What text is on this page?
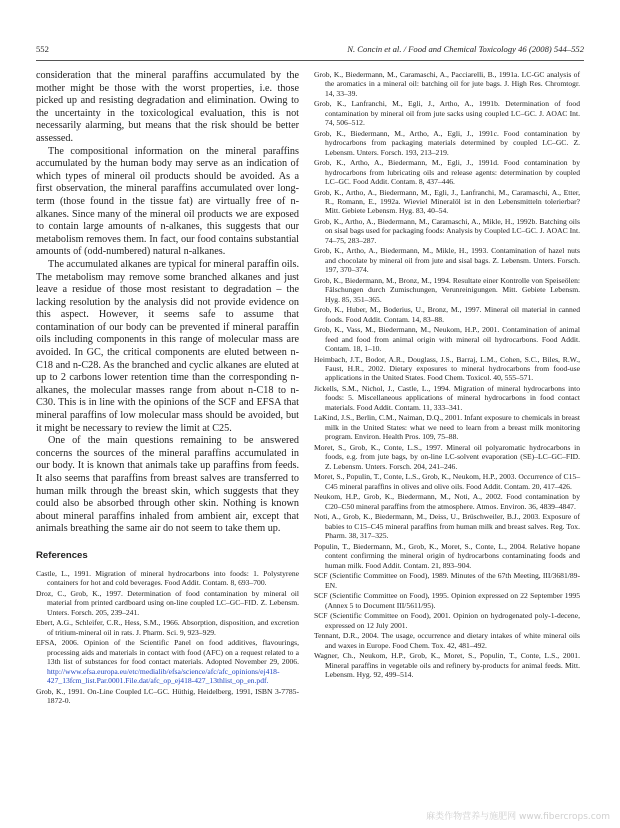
552	N. Concin et al. / Food and Chemical Toxicology 46 (2008) 544–552

consideration that the mineral paraffins accumulated by the mother might be those with the worst properties, i.e. those picked up and resisting degradation and elimination. Owing to the uncertainty in the toxicological evaluation, this is not necessarily alarming, but means that the risk should be better assessed.

The compositional information on the mineral paraffins accumulated by the human body may serve as an indication of which types of mineral oil products should be avoided. As a first observation, the mineral paraffins accumulated over long-term (those found in the tissue fat) are virtually free of n-alkanes. Since many of the mineral oil products we are exposed to contain large amounts of n-alkanes, this suggests that our metabolism removes them. In fact, our food contains substantial amounts of (odd-numbered) natural n-alkanes.

The accumulated alkanes are typical for mineral paraffin oils. The metabolism may remove some branched alkanes and just leave a residue of those most resistant to degradation – the lacking resolution by the analysis did not provide evidence on this aspect. However, it seems safe to assume that contamination of our body can be prevented if mineral paraffin oils including components in this range of molecular mass are avoided. In GC, the critical components are eluted between n-C18 and n-C28. As the branched and cyclic alkanes are eluted at up to 2 carbons lower retention time than the corresponding n-alkanes, the molecular masses range from about n-C18 to n-C30. This is in line with the opinions of the SCF and EFSA that mineral paraffins of low molecular mass should be avoided, but it might be necessary to review the limit at C25.

One of the main questions remaining to be answered concerns the sources of the mineral paraffins accumulated in our body. It is known that animals take up paraffins from feeds. It also seems that paraffins from breast salves are transferred to human milk through the breast skin, which suggests that they could also be absorbed through other skin. Nothing is known about mineral paraffins inhaled from ambient air, except that animals breathing the same air do not seem to take them up.

References

Castle, L., 1991. Migration of mineral hydrocarbons into foods: 1. Polystyrene containers for hot and cold beverages. Food Addit. Contam. 8, 693–700.

Droz, C., Grob, K., 1997. Determination of food contamination by mineral oil material from printed cardboard using on-line coupled LC–GC–FID. Z. Lebensm. Unters. Forsch. 205, 239–241.

Ebert, A.G., Schleifer, C.R., Hess, S.M., 1966. Absorption, disposition, and excretion of tritium-mineral oil in rats. J. Pharm. Sci. 9, 923–929.

EFSA, 2006. Opinion of the Scientific Panel on food additives, flavourings, processing aids and materials in contact with food (AFC) on a request related to a 13th list of substances for food contact materials. Adopted November 29, 2006. http://www.efsa.europa.eu/etc/medialib/efsa/science/afc/afc_opinions/ej418-427_13fcm_list.Par.0001.File.dat/afc_op_ej418-427_13thlist_op_en.pdf.

Grob, K., 1991. On-Line Coupled LC–GC. Hüthig, Heidelberg, 1991, ISBN 3-7785-1872-0.

Grob, K., Biedermann, M., Caramaschi, A., Pacciarelli, B., 1991a. LC-GC analysis of the aromatics in a mineral oil: batching oil for jute bags. J. High Res. Chromtogr. 14, 33–39.

Grob, K., Lanfranchi, M., Egli, J., Artho, A., 1991b. Determination of food contamination by mineral oil from jute sacks using coupled LC–GC. J. AOAC Int. 74, 506–512.

Grob, K., Biedermann, M., Artho, A., Egli, J., 1991c. Food contamination by hydrocarbons from packaging materials determined by coupled LC–GC. Z. Lebensm. Unters. Forsch. 193, 213–219.

Grob, K., Artho, A., Biedermann, M., Egli, J., 1991d. Food contamination by hydrocarbons from lubricating oils and release agents: determination by coupled LC–GC. Food Addit. Contam. 8, 437–446.

Grob, K., Artho, A., Biedermann, M., Egli, J., Lanfranchi, M., Caramaschi, A., Etter, R., Romann, E., 1992a. Wieviel Mineralöl ist in den Lebensmitteln tolerierbar? Mitt. Gebiete Lebensm. Hyg. 83, 40–54.

Grob, K., Artho, A., Biedermann, M., Caramaschi, A., Mikle, H., 1992b. Batching oils on sisal bags used for packaging foods: Analysis by Coupled LC–GC. J. AOAC Int. 74–75, 283–287.

Grob, K., Artho, A., Biedermann, M., Mikle, H., 1993. Contamination of hazel nuts and chocolate by mineral oil from jute and sisal bags. Z. Lebensm. Unters. Forsch. 197, 370–374.

Grob, K., Biedermann, M., Bronz, M., 1994. Resultate einer Kontrolle von Speiseölen: Fälschungen durch Zumischungen, Verunreinigungen. Mitt. Gebiete Lebensm. Hyg. 85, 351–365.

Grob, K., Huber, M., Boderius, U., Bronz, M., 1997. Mineral oil material in canned foods. Food Addit. Contam. 14, 83–88.

Grob, K., Vass, M., Biedermann, M., Neukom, H.P., 2001. Contamination of animal feed and food from animal origin with mineral oil hydrocarbons. Food Addit. Contam. 18, 1–10.

Heimbach, J.T., Bodor, A.R., Douglass, J.S., Barraj, L.M., Cohen, S.C., Biles, R.W., Faust, H.R., 2002. Dietary exposures to mineral hydrocarbons from food-use applications in the United States. Food Chem. Toxicol. 40, 555–571.

Jickells, S.M., Nichol, J., Castle, L., 1994. Migration of mineral hydrocarbons into foods: 5. Miscellaneous applications of mineral hydrocarbons in food contact materials. Food Addit. Contam. 11, 333–341.

LaKind, J.S., Berlin, C.M., Naiman, D.Q., 2001. Infant exposure to chemicals in breast milk in the United States: what we need to learn from a breast milk monitoring program. Environ. Health Pros. 109, 75–88.

Moret, S., Grob, K., Conte, L.S., 1997. Mineral oil polyaromatic hydrocarbons in foods, e.g. from jute bags, by on-line LC-solvent evaporation (SE)–LC–GC–FID. Z. Lebensm. Unters. Forsch. 204, 241–246.

Moret, S., Populin, T., Conte, L.S., Grob, K., Neukom, H.P., 2003. Occurrence of C15–C45 mineral paraffins in olives and olive oils. Food Addit. Contam. 20, 417–426.

Neukom, H.P., Grob, K., Biedermann, M., Noti, A., 2002. Food contamination by C20–C50 mineral paraffins from the atmosphere. Atmos. Environ. 36, 4839–4847.

Noti, A., Grob, K., Biedermann, M., Deiss, U., Brüschweiler, B.J., 2003. Exposure of babies to C15–C45 mineral paraffins from human milk and breast salves. Reg. Tox. Pharm. 38, 317–325.

Populin, T., Biedermann, M., Grob, K., Moret, S., Conte, L., 2004. Relative hopane content confirming the mineral origin of hydrocarbons contaminating foods and human milk. Food Addit. Contam. 21, 893–904.

SCF (Scientific Committee on Food), 1989. Minutes of the 67th Meeting, III/3681/89-EN.

SCF (Scientific Committee on Food), 1995. Opinion expressed on 22 September 1995 (Annex 5 to Document III/5611/95).

SCF (Scientific Committee on Food), 2001. Opinion on hydrogenated poly-1-decene, expressed on 12 July 2001.

Tennant, D.R., 2004. The usage, occurrence and dietary intakes of white mineral oils and waxes in Europe. Food Chem. Tox. 42, 481–492.

Wagner, Ch., Neukom, H.P., Grob, K., Moret, S., Populin, T., Conte, L.S., 2001. Mineral paraffins in vegetable oils and refinery by-products for animal feeds. Mitt. Lebensm. Hyg. 92, 499–514.

麻类作物营养与施肥网 www.fibercrops.com
